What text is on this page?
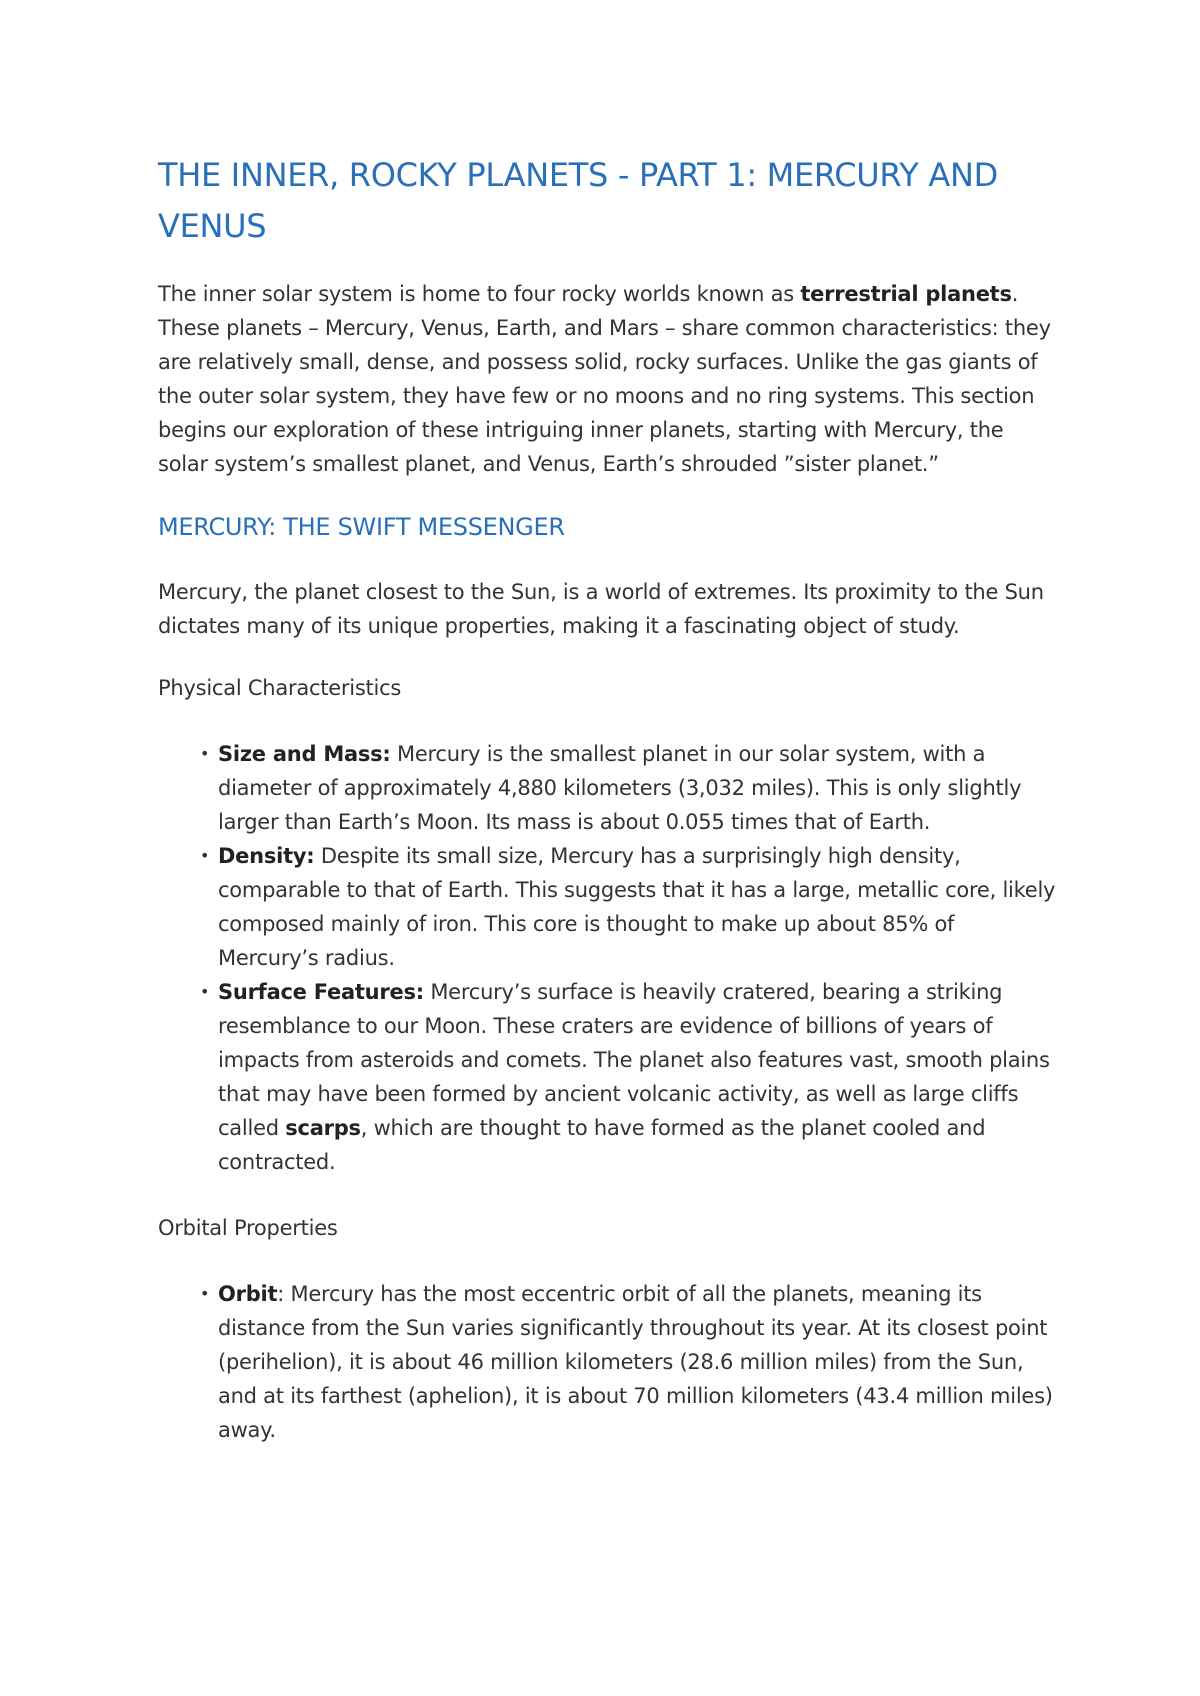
THE INNER, ROCKY PLANETS - PART 1: MERCURY AND VENUS

The inner solar system is home to four rocky worlds known as terrestrial planets. These planets – Mercury, Venus, Earth, and Mars – share common characteristics: they are relatively small, dense, and possess solid, rocky surfaces. Unlike the gas giants of the outer solar system, they have few or no moons and no ring systems. This section begins our exploration of these intriguing inner planets, starting with Mercury, the solar system’s smallest planet, and Venus, Earth’s shrouded ”sister planet.”

MERCURY: THE SWIFT MESSENGER

Mercury, the planet closest to the Sun, is a world of extremes. Its proximity to the Sun dictates many of its unique properties, making it a fascinating object of study.

Physical Characteristics
• Size and Mass: Mercury is the smallest planet in our solar system, with a diameter of approximately 4,880 kilometers (3,032 miles). This is only slightly larger than Earth’s Moon. Its mass is about 0.055 times that of Earth.
• Density: Despite its small size, Mercury has a surprisingly high density, comparable to that of Earth. This suggests that it has a large, metallic core, likely composed mainly of iron. This core is thought to make up about 85% of Mercury’s radius.
• Surface Features: Mercury’s surface is heavily cratered, bearing a striking resemblance to our Moon. These craters are evidence of billions of years of impacts from asteroids and comets. The planet also features vast, smooth plains that may have been formed by ancient volcanic activity, as well as large cliffs called scarps, which are thought to have formed as the planet cooled and contracted.
Orbital Properties
• Orbit: Mercury has the most eccentric orbit of all the planets, meaning its distance from the Sun varies significantly throughout its year. At its closest point (perihelion), it is about 46 million kilometers (28.6 million miles) from the Sun, and at its farthest (aphelion), it is about 70 million kilometers (43.4 million miles) away.
